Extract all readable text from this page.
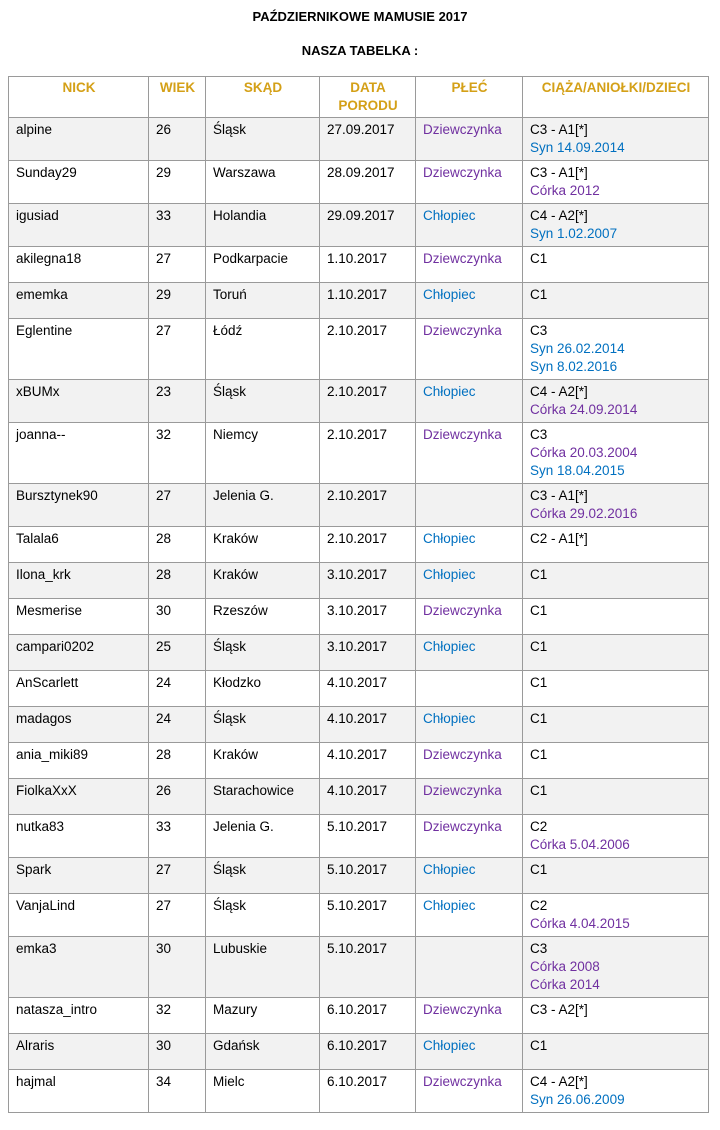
PAŹDZIERNIKOWE MAMUSIE 2017
NASZA TABELKA :
NICK	WIEK	SKĄD	DATA PORODU	PŁEĆ	CIĄŻA/ANIOŁKI/DZIECI
alpine	26	Śląsk	27.09.2017	Dziewczynka	C3 - A1[*]
Syn 14.09.2014

Sunday29	29	Warszawa	28.09.2017	Dziewczynka	C3 - A1[*]
Córka 2012

igusiad	33	Holandia	29.09.2017	Chłopiec	C4 - A2[*]
Syn 1.02.2007

akilegna18	27	Podkarpacie	1.10.2017	Dziewczynka	C1

ememka	29	Toruń	1.10.2017	Chłopiec	C1

Eglentine	27	Łódź	2.10.2017	Dziewczynka	C3
Syn 26.02.2014
Syn 8.02.2016

xBUMx	23	Śląsk	2.10.2017	Chłopiec	C4 - A2[*]
Córka 24.09.2014

joanna--	32	Niemcy	2.10.2017	Dziewczynka	C3
Córka 20.03.2004
Syn 18.04.2015

Bursztynek90	27	Jelenia G.	2.10.2017		C3 - A1[*]
Córka 29.02.2016

Talala6	28	Kraków	2.10.2017	Chłopiec	C2 - A1[*]

Ilona_krk	28	Kraków	3.10.2017	Chłopiec	C1

Mesmerise	30	Rzeszów	3.10.2017	Dziewczynka	C1

campari0202	25	Śląsk	3.10.2017	Chłopiec	C1

AnScarlett	24	Kłodzko	4.10.2017		C1

madagos	24	Śląsk	4.10.2017	Chłopiec	C1

ania_miki89	28	Kraków	4.10.2017	Dziewczynka	C1

FiolkaXxX	26	Starachowice	4.10.2017	Dziewczynka	C1

nutka83	33	Jelenia G.	5.10.2017	Dziewczynka	C2
Córka 5.04.2006

Spark	27	Śląsk	5.10.2017	Chłopiec	C1

VanjaLind	27	Śląsk	5.10.2017	Chłopiec	C2
Córka 4.04.2015

emka3	30	Lubuskie	5.10.2017		C3
Córka 2008
Córka 2014

natasza_intro	32	Mazury	6.10.2017	Dziewczynka	C3 - A2[*]

Alraris	30	Gdańsk	6.10.2017	Chłopiec	C1

hajmal	34	Mielc	6.10.2017	Dziewczynka	C4 - A2[*]
Syn 26.06.2009
